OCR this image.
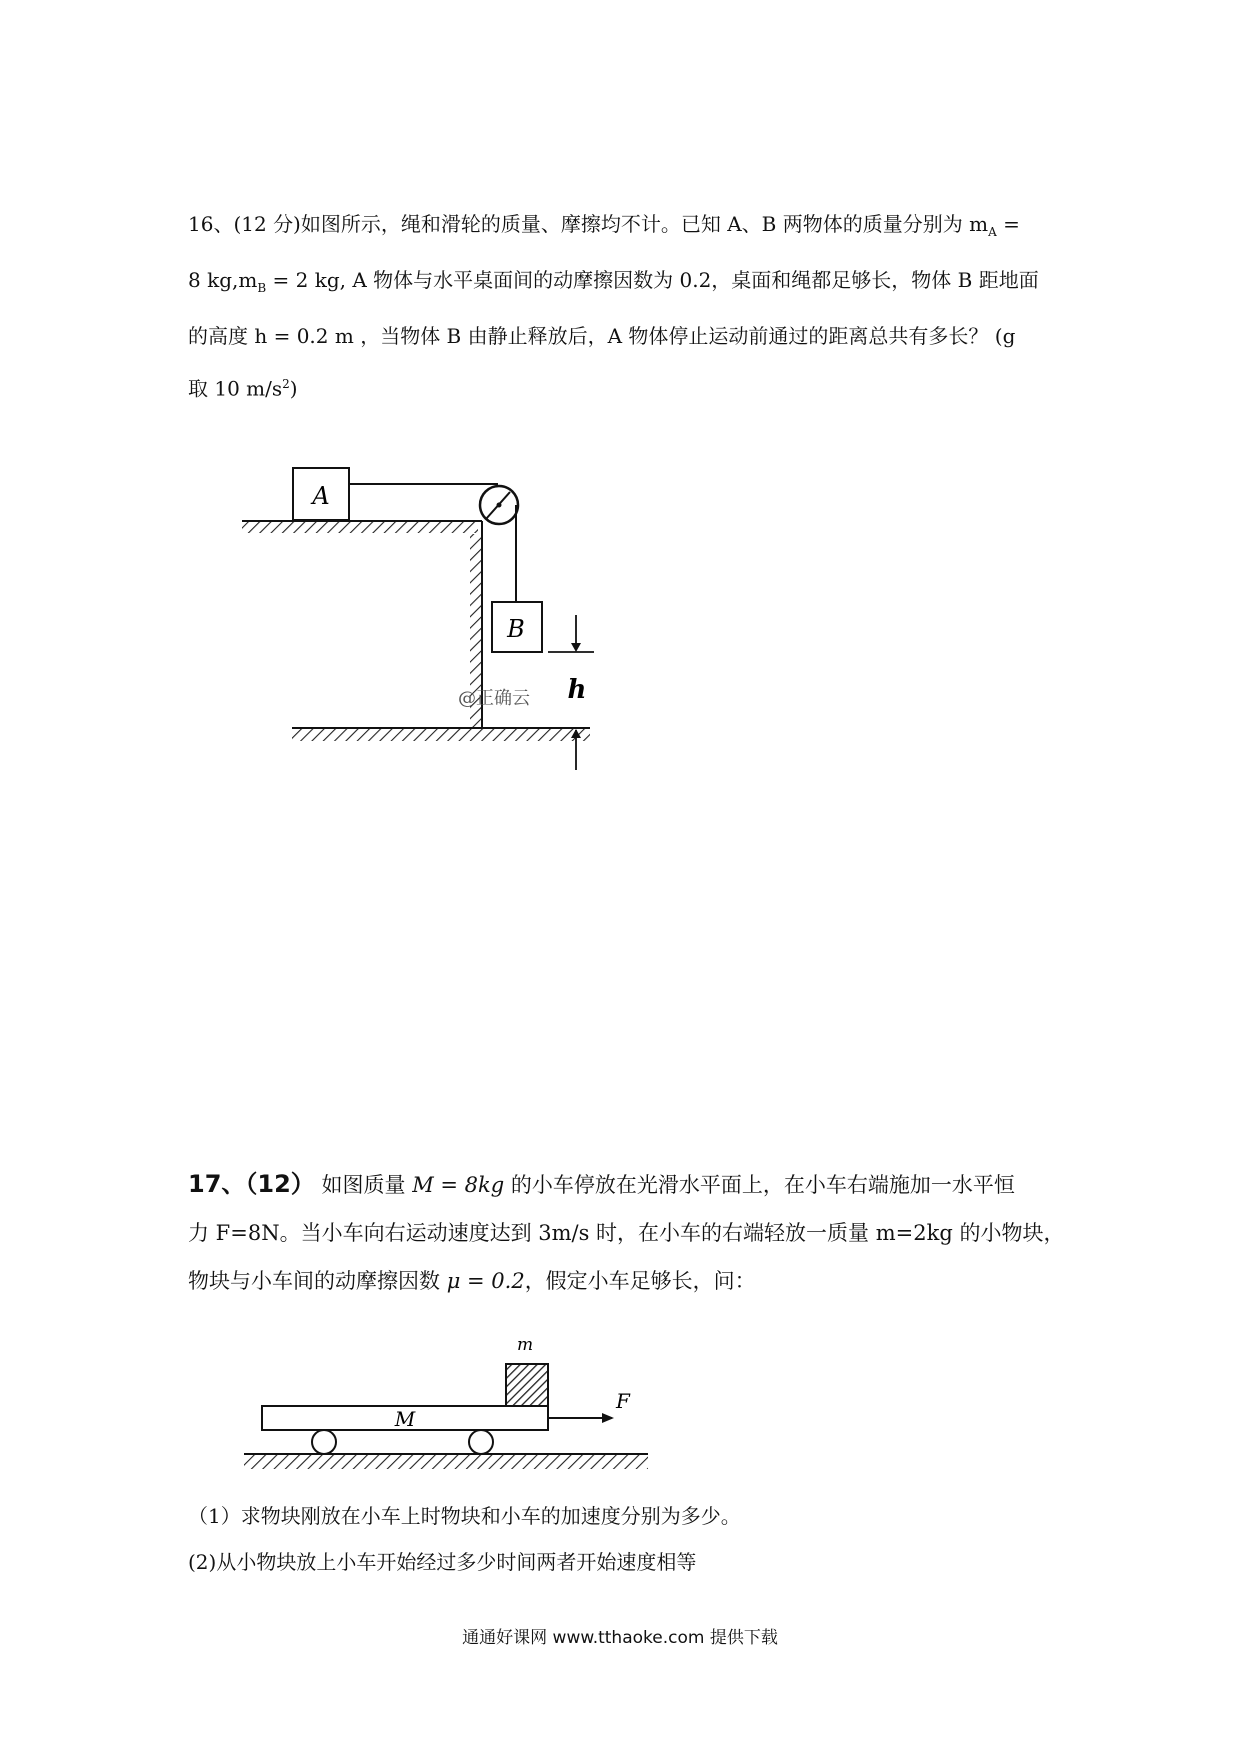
16、(12 分)如图所示，绳和滑轮的质量、摩擦均不计。已知 A、B 两物体的质量分别为 $m_A$ =
8 $kg,m_B = 2$ kg, A 物体与水平桌面间的动摩擦因数为 0.2，桌面和绳都足够长，物体 B 距地面
的高度 h = 0.2 m ，当物体 B 由静止释放后，A 物体停止运动前通过的距离总共有多长？ (g
取 10 $m/s^2$)
A
B
h
@正确云
17、（12） 如图质量 M = 8kg 的小车停放在光滑水平面上，在小车右端施加一水平恒
力 F=8N。当小车向右运动速度达到 3m/s 时，在小车的右端轻放一质量 m=2kg 的小物块，
物块与小车间的动摩擦因数 μ = 0.2，假定小车足够长，问：
m
M
F
（1）求物块刚放在小车上时物块和小车的加速度分别为多少。
(2)从小物块放上小车开始经过多少时间两者开始速度相等
通通好课网 www.tthaoke.com 提供下载
